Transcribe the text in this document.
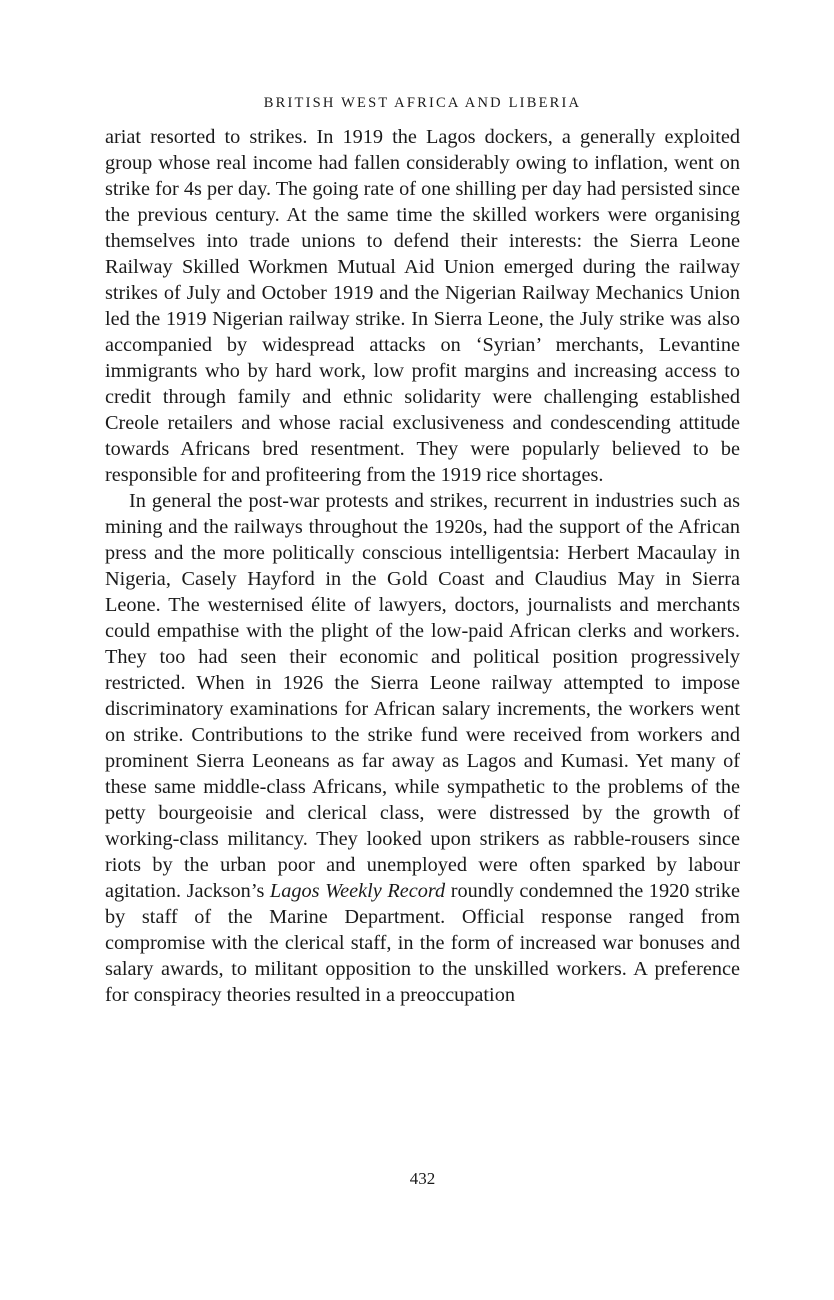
BRITISH WEST AFRICA AND LIBERIA

ariat resorted to strikes. In 1919 the Lagos dockers, a generally exploited group whose real income had fallen considerably owing to inflation, went on strike for 4s per day. The going rate of one shilling per day had persisted since the previous century. At the same time the skilled workers were organising themselves into trade unions to defend their interests: the Sierra Leone Railway Skilled Workmen Mutual Aid Union emerged during the railway strikes of July and October 1919 and the Nigerian Railway Mechanics Union led the 1919 Nigerian railway strike. In Sierra Leone, the July strike was also accompanied by widespread attacks on ‘Syrian’ merchants, Levantine immigrants who by hard work, low profit margins and increasing access to credit through family and ethnic solidarity were challenging established Creole retailers and whose racial exclusiveness and condescending attitude towards Africans bred resentment. They were popularly believed to be responsible for and profiteering from the 1919 rice shortages.

In general the post-war protests and strikes, recurrent in industries such as mining and the railways throughout the 1920s, had the support of the African press and the more politically conscious intelligentsia: Herbert Macaulay in Nigeria, Casely Hayford in the Gold Coast and Claudius May in Sierra Leone. The westernised élite of lawyers, doctors, journalists and merchants could empathise with the plight of the low-paid African clerks and workers. They too had seen their economic and political position progressively restricted. When in 1926 the Sierra Leone railway attempted to impose discriminatory examinations for African salary increments, the workers went on strike. Contributions to the strike fund were received from workers and prominent Sierra Leoneans as far away as Lagos and Kumasi. Yet many of these same middle-class Africans, while sympathetic to the problems of the petty bourgeoisie and clerical class, were distressed by the growth of working-class militancy. They looked upon strikers as rabble-rousers since riots by the urban poor and unemployed were often sparked by labour agitation. Jackson’s Lagos Weekly Record roundly condemned the 1920 strike by staff of the Marine Department. Official response ranged from compromise with the clerical staff, in the form of increased war bonuses and salary awards, to militant opposition to the unskilled workers. A preference for conspiracy theories resulted in a preoccupation

432
